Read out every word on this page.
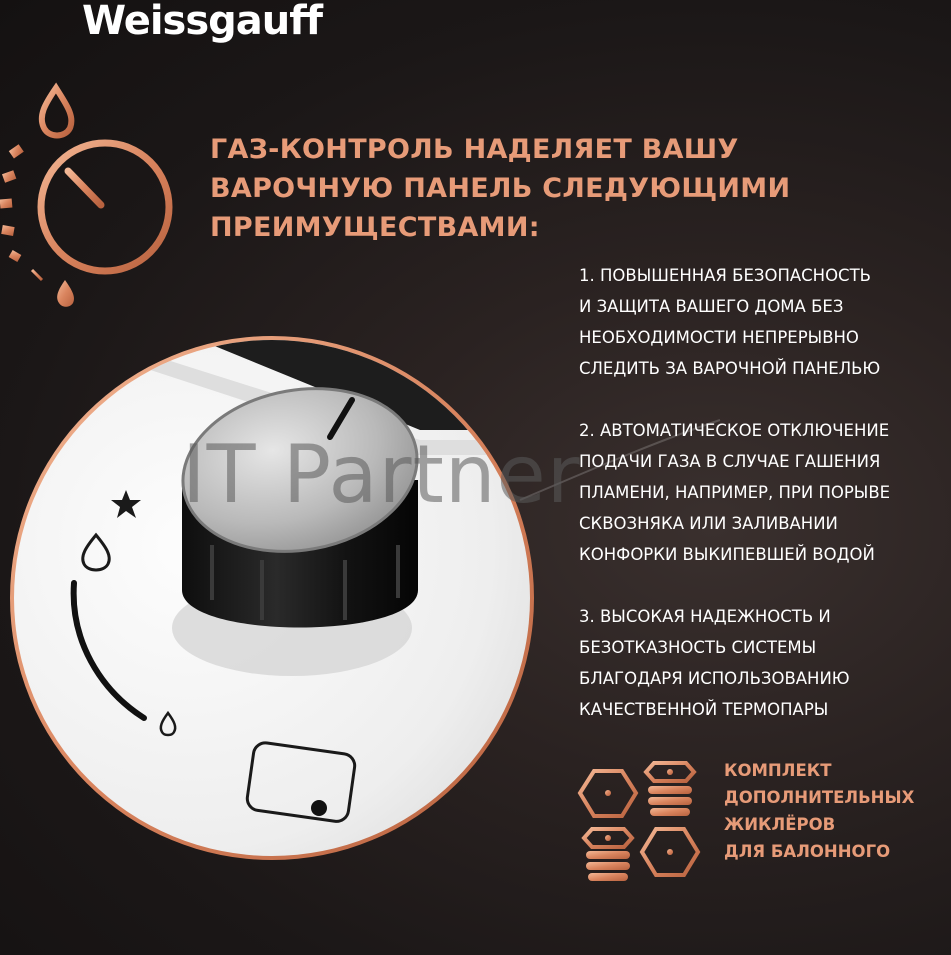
IT Partner
Weissgauff
ГАЗ-КОНТРОЛЬ НАДЕЛЯЕТ ВАШУ
ВАРОЧНУЮ ПАНЕЛЬ СЛЕДУЮЩИМИ
ПРЕИМУЩЕСТВАМИ:
1. ПОВЫШЕННАЯ БЕЗОПАСНОСТЬ
И ЗАЩИТА ВАШЕГО ДОМА БЕЗ
НЕОБХОДИМОСТИ НЕПРЕРЫВНО
СЛЕДИТЬ ЗА ВАРОЧНОЙ ПАНЕЛЬЮ
2. АВТОМАТИЧЕСКОЕ ОТКЛЮЧЕНИЕ
ПОДАЧИ ГАЗА В СЛУЧАЕ ГАШЕНИЯ
ПЛАМЕНИ, НАПРИМЕР, ПРИ ПОРЫВЕ
СКВОЗНЯКА ИЛИ ЗАЛИВАНИИ
КОНФОРКИ ВЫКИПЕВШЕЙ ВОДОЙ
3. ВЫСОКАЯ НАДЕЖНОСТЬ И
БЕЗОТКАЗНОСТЬ СИСТЕМЫ
БЛАГОДАРЯ ИСПОЛЬЗОВАНИЮ
КАЧЕСТВЕННОЙ ТЕРМОПАРЫ
КОМПЛЕКТ
ДОПОЛНИТЕЛЬНЫХ
ЖИКЛЁРОВ
ДЛЯ БАЛОННОГО
